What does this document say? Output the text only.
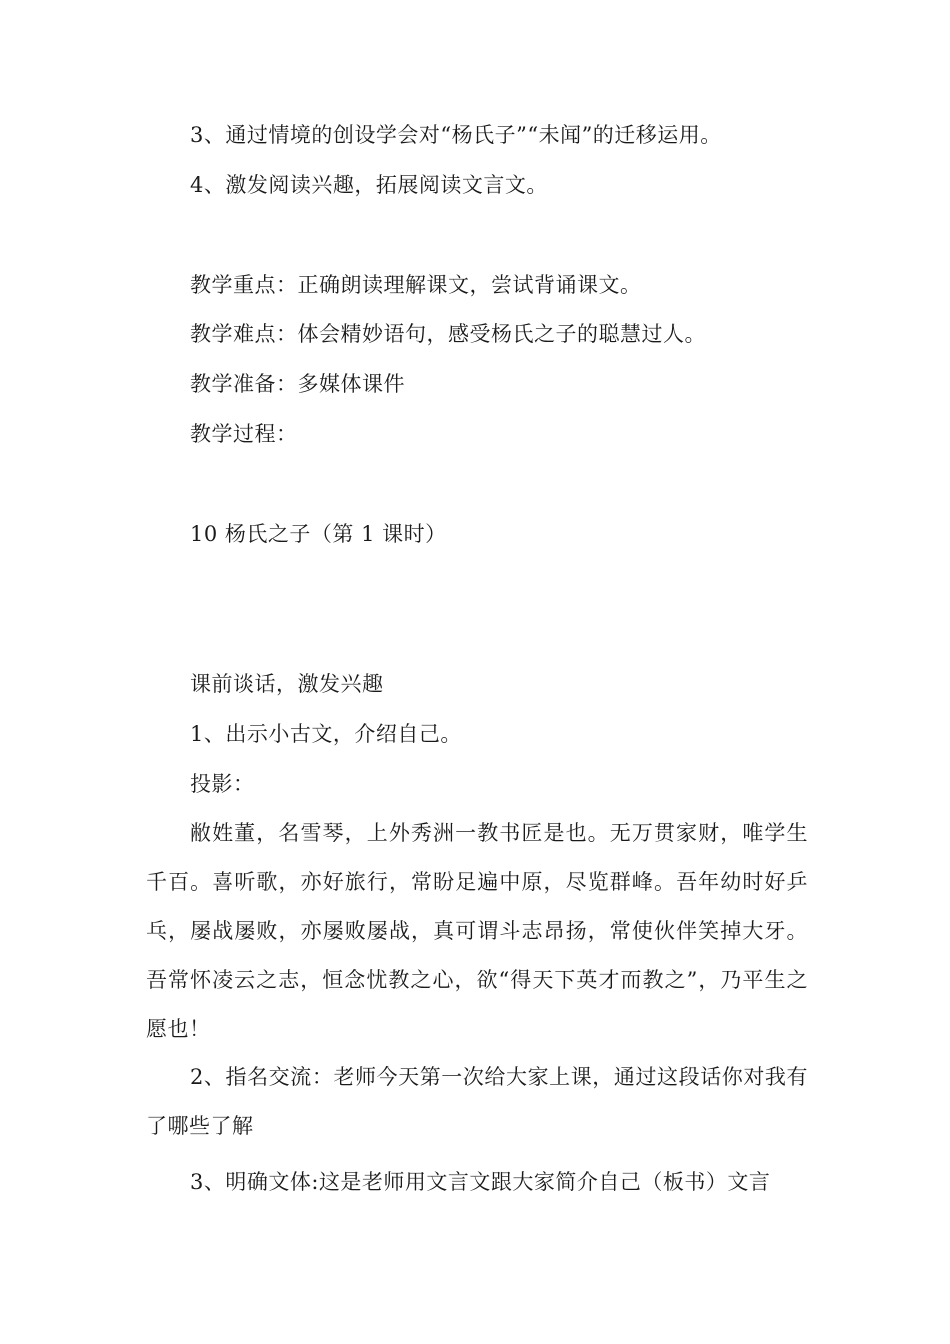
3、通过情境的创设学会对“杨氏子”“未闻”的迁移运用。
4、激发阅读兴趣，拓展阅读文言文。
教学重点：正确朗读理解课文，尝试背诵课文。
教学难点：体会精妙语句，感受杨氏之子的聪慧过人。
教学准备：多媒体课件
教学过程：
10 杨氏之子（第 1 课时）
课前谈话，激发兴趣
1、出示小古文，介绍自己。
投影：
敝姓董，名雪琴，上外秀洲一教书匠是也。无万贯家财，唯学生千百。喜听歌，亦好旅行，常盼足遍中原，尽览群峰。吾年幼时好乒乓，屡战屡败，亦屡败屡战，真可谓斗志昂扬，常使伙伴笑掉大牙。吾常怀凌云之志，恒念忧教之心，欲“得天下英才而教之”，乃平生之愿也！
2、指名交流：老师今天第一次给大家上课，通过这段话你对我有了哪些了解
3、明确文体:这是老师用文言文跟大家简介自己（板书）文言
